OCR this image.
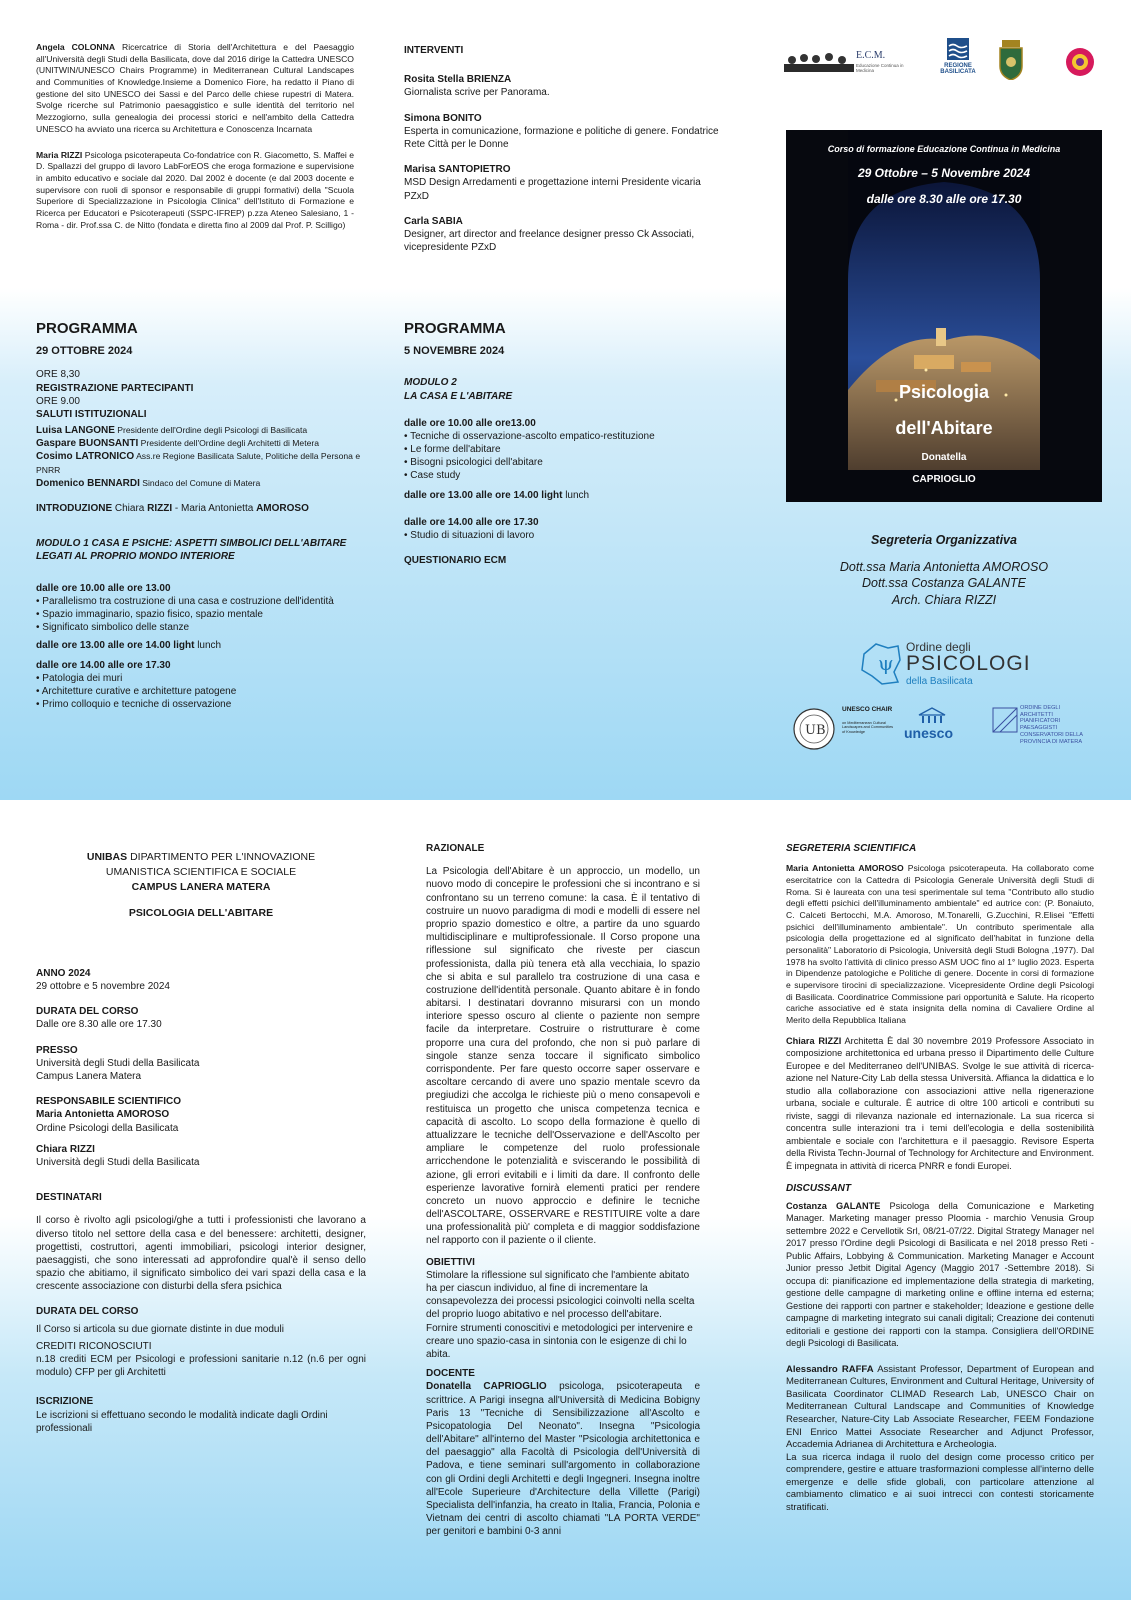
Angela COLONNA Ricercatrice di Storia dell'Architettura e del Paesaggio all'Università degli Studi della Basilicata, dove dal 2016 dirige la Cattedra UNESCO (UNITWIN/UNESCO Chairs Programme) in Mediterranean Cultural Landscapes and Communities of Knowledge.Insieme a Domenico Fiore, ha redatto il Piano di gestione del sito UNESCO dei Sassi e del Parco delle chiese rupestri di Matera. Svolge ricerche sul Patrimonio paesaggistico e sulle identità del territorio nel Mezzogiorno, sulla genealogia dei processi storici e nell'ambito della Cattedra UNESCO ha avviato una ricerca su Architettura e Conoscenza Incarnata

Maria RIZZI Psicologa psicoterapeuta Co-fondatrice con R. Giacometto, S. Maffei e D. Spallazzi del gruppo di lavoro LabForEOS che eroga formazione e supervisione in ambito educativo e sociale dal 2020. Dal 2002 è docente (e dal 2003 docente e supervisore con ruoli di sponsor e responsabile di gruppi formativi) della "Scuola Superiore di Specializzazione in Psicologia Clinica" dell'Istituto di Formazione e Ricerca per Educatori e Psicoterapeuti (SSPC-IFREP) p.zza Ateneo Salesiano, 1 - Roma - dir. Prof.ssa C. de Nitto (fondata e diretta fino al 2009 dal Prof. P. Scilligo)

INTERVENTI
Rosita Stella BRIENZA
Giornalista scrive per Panorama.
Simona BONITO
Esperta in comunicazione, formazione e politiche di genere. Fondatrice Rete Città per le Donne
Marisa SANTOPIETRO
MSD Design Arredamenti e progettazione interni Presidente vicaria PZxD
Carla SABIA
Designer, art director and freelance designer presso Ck Associati, vicepresidente PZxD
PROGRAMMA
29 OTTOBRE 2024
ORE 8,30
REGISTRAZIONE PARTECIPANTI
ORE 9.00
SALUTI ISTITUZIONALI
Luisa LANGONE Presidente dell'Ordine degli Psicologi di Basilicata
Gaspare BUONSANTI Presidente dell'Ordine degli Architetti di Metera
Cosimo LATRONICO Ass.re Regione Basilicata Salute, Politiche della Persona e PNRR
Domenico BENNARDI Sindaco del Comune di Matera
INTRODUZIONE Chiara RIZZI - Maria Antonietta AMOROSO
MODULO 1 CASA E PSICHE: ASPETTI SIMBOLICI DELL'ABITARE LEGATI AL PROPRIO MONDO INTERIORE
dalle ore 10.00 alle ore 13.00
• Parallelismo tra costruzione di una casa e costruzione dell'identità
• Spazio immaginario, spazio fisico, spazio mentale
• Significato simbolico delle stanze
dalle ore 13.00 alle ore 14.00 light lunch
dalle ore 14.00 alle ore 17.30
• Patologia dei muri
• Architetture curative e architetture patogene
• Primo colloquio e tecniche di osservazione
PROGRAMMA
5 NOVEMBRE 2024
MODULO 2
LA CASA E L'ABITARE
dalle ore 10.00 alle ore13.00
• Tecniche di osservazione-ascolto empatico-restituzione
• Le forme dell'abitare
• Bisogni psicologici dell'abitare
• Case study
dalle ore 13.00 alle ore 14.00 light lunch
dalle ore 14.00 alle ore 17.30
• Studio di situazioni di lavoro
QUESTIONARIO ECM
E.C.M.
Educazione Continua in Medicina
REGIONE
BASILICATA
Corso di formazione Educazione Continua in Medicina
29 Ottobre – 5 Novembre 2024
dalle ore 8.30 alle ore 17.30
Psicologia
dell'Abitare
Donatella
CAPRIOGLIO
Segreteria Organizzativa
Dott.ssa Maria Antonietta AMOROSO
Dott.ssa Costanza GALANTE
Arch. Chiara RIZZI
ψ
Ordine degli
PSICOLOGI
della Basilicata
UB
UNESCO CHAIR
on Mediterranean Cultural Landscapes and Communities of Knowledge	unesco
ORDINE DEGLI ARCHITETTI PIANIFICATORI PAESAGGISTI CONSERVATORI DELLA PROVINCIA DI MATERA
UNIBAS DIPARTIMENTO PER L'INNOVAZIONE
UMANISTICA SCIENTIFICA E SOCIALE
CAMPUS LANERA MATERA
PSICOLOGIA DELL'ABITARE
ANNO 2024
29 ottobre e 5 novembre 2024
DURATA DEL CORSO
Dalle ore 8.30 alle ore 17.30
PRESSO
Università degli Studi della Basilicata
Campus Lanera Matera
RESPONSABILE SCIENTIFICO
Maria Antonietta AMOROSO
Ordine Psicologi della Basilicata
Chiara RIZZI
Università degli Studi della Basilicata
DESTINATARI
Il corso è rivolto agli psicologi/ghe a tutti i professionisti che lavorano a diverso titolo nel settore della casa e del benessere: architetti, designer, progettisti, costruttori, agenti immobiliari, psicologi interior designer, paesaggisti, che sono interessati ad approfondire qual'è il senso dello spazio che abitiamo, il significato simbolico dei vari spazi della casa e la crescente associazione con disturbi della sfera psichica
DURATA DEL CORSO
Il Corso si articola su due giornate distinte in due moduli
CREDITI RICONOSCIUTI
n.18 crediti ECM per Psicologi e professioni sanitarie n.12 (n.6 per ogni modulo) CFP per gli Architetti
ISCRIZIONE
Le iscrizioni si effettuano secondo le modalità indicate dagli Ordini professionali
RAZIONALE
La Psicologia dell'Abitare è un approccio, un modello, un nuovo modo di concepire le professioni che si incontrano e si confrontano su un terreno comune: la casa. È il tentativo di costruire un nuovo paradigma di modi e modelli di essere nel proprio spazio domestico e oltre, a partire da uno sguardo multidisciplinare e multiprofessionale. Il Corso propone una riflessione sul significato che riveste per ciascun professionista, dalla più tenera età alla vecchiaia, lo spazio che si abita e sul parallelo tra costruzione di una casa e costruzione dell'identità personale. Quanto abitare è in fondo abitarsi. I destinatari dovranno misurarsi con un mondo interiore spesso oscuro al cliente o paziente non sempre facile da interpretare. Costruire o ristrutturare è come proporre una cura del profondo, che non si può parlare di singole stanze senza toccare il significato simbolico corrispondente. Per fare questo occorre saper osservare e ascoltare cercando di avere uno spazio mentale scevro da pregiudizi che accolga le richieste più o meno consapevoli e restituisca un progetto che unisca competenza tecnica e capacità di ascolto. Lo scopo della formazione è quello di attualizzare le tecniche dell'Osservazione e dell'Ascolto per ampliare le competenze del ruolo professionale arricchendone le potenzialità e sviscerando le possibilità di azione, gli errori evitabili e i limiti da dare. Il confronto delle esperienze lavorative fornirà elementi pratici per rendere concreto un nuovo approccio e definire le tecniche dell'ASCOLTARE, OSSERVARE e RESTITUIRE volte a dare una professionalità più' completa e di maggior soddisfazione nel rapporto con il paziente o il cliente.
OBIETTIVI
Stimolare la riflessione sul significato che l'ambiente abitato ha per ciascun individuo, al fine di incrementare la consapevolezza dei processi psicologici coinvolti nella scelta del proprio luogo abitativo e nel processo dell'abitare.
Fornire strumenti conoscitivi e metodologici per intervenire e creare uno spazio-casa in sintonia con le esigenze di chi lo abita.
DOCENTE
Donatella CAPRIOGLIO psicologa, psicoterapeuta e scrittrice. A Parigi insegna all'Università di Medicina Bobigny Paris 13 "Tecniche di Sensibilizzazione all'Ascolto e Psicopatologia Del Neonato". Insegna "Psicologia dell'Abitare" all'interno del Master "Psicologia architettonica e del paesaggio" alla Facoltà di Psicologia dell'Università di Padova, e tiene seminari sull'argomento in collaborazione con gli Ordini degli Architetti e degli Ingegneri. Insegna inoltre all'Ecole Superieure d'Architecture della Villette (Parigi) Specialista dell'infanzia, ha creato in Italia, Francia, Polonia e Vietnam dei centri di ascolto chiamati "LA PORTA VERDE" per genitori e bambini 0-3 anni
SEGRETERIA SCIENTIFICA
Maria Antonietta AMOROSO Psicologa psicoterapeuta. Ha collaborato come esercitatrice con la Cattedra di Psicologia Generale Università degli Studi di Roma. Si è laureata con una tesi sperimentale sul tema "Contributo allo studio degli effetti psichici dell'illuminamento ambientale" ed autrice con: (P. Bonaiuto, C. Calceti Bertocchi, M.A. Amoroso, M.Tonarelli, G.Zucchini, R.Elisei "Effetti psichici dell'illuminamento ambientale". Un contributo sperimentale alla psicologia della progettazione ed al significato dell'habitat in funzione della personalità" Laboratorio di Psicologia, Università degli Studi Bologna ,1977). Dal 1978 ha svolto l'attività di clinico presso ASM UOC fino al 1° luglio 2023. Esperta in Dipendenze patologiche e Politiche di genere. Docente in corsi di formazione e supervisore tirocini di specializzazione. Vicepresidente Ordine degli Psicologi di Basilicata. Coordinatrice Commissione pari opportunità e Salute. Ha ricoperto cariche associative ed è stata insignita della nomina di Cavaliere Ordine al Merito della Repubblica Italiana
Chiara RIZZI Architetta È dal 30 novembre 2019 Professore Associato in composizione architettonica ed urbana presso il Dipartimento delle Culture Europee e del Mediterraneo dell'UNIBAS. Svolge le sue attività di ricerca-azione nel Nature-City Lab della stessa Università. Affianca la didattica e lo studio alla collaborazione con associazioni attive nella rigenerazione urbana, sociale e culturale. È autrice di oltre 100 articoli e contributi su riviste, saggi di rilevanza nazionale ed internazionale. La sua ricerca si concentra sulle interazioni tra i temi dell'ecologia e della sostenibilità ambientale e sociale con l'architettura e il paesaggio. Revisore Esperta della Rivista Techn-Journal of Technology for Architecture and Environment. È impegnata in attività di ricerca PNRR e fondi Europei.
DISCUSSANT
Costanza GALANTE Psicologa della Comunicazione e Marketing Manager. Marketing manager presso Ploomia - marchio Venusia Group settembre 2022 e Cervellotik Srl, 08/21-07/22. Digital Strategy Manager nel 2017 presso l'Ordine degli Psicologi di Basilicata e nel 2018 presso Reti - Public Affairs, Lobbying & Communication. Marketing Manager e Account Junior presso Jetbit Digital Agency (Maggio 2017 -Settembre 2018). Si occupa di: pianificazione ed implementazione della strategia di marketing, gestione delle campagne di marketing online e offline interna ed esterna; Gestione dei rapporti con partner e stakeholder; Ideazione e gestione delle campagne di marketing integrato sui canali digitali; Creazione dei contenuti editoriali e gestione dei rapporti con la stampa. Consigliera dell'ORDINE degli Psicologi di Basilicata.
Alessandro RAFFA Assistant Professor, Department of European and Mediterranean Cultures, Environment and Cultural Heritage, University of Basilicata Coordinator CLIMAD Research Lab, UNESCO Chair on Mediterranean Cultural Landscape and Communities of Knowledge Researcher, Nature-City Lab Associate Researcher, FEEM Fondazione ENI Enrico Mattei Associate Researcher and Adjunct Professor, Accademia Adrianea di Architettura e Archeologia.
La sua ricerca indaga il ruolo del design come processo critico per comprendere, gestire e attuare trasformazioni complesse all'interno delle emergenze e delle sfide globali, con particolare attenzione al cambiamento climatico e ai suoi intrecci con contesti storicamente stratificati.
